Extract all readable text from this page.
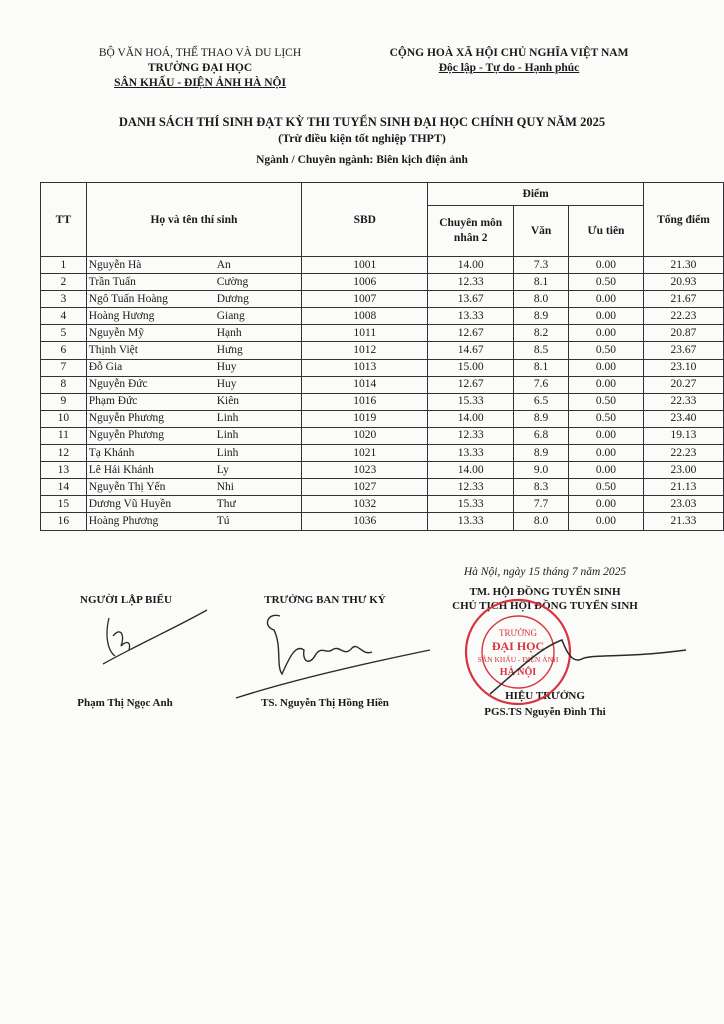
BỘ VĂN HOÁ, THỂ THAO VÀ DU LỊCH
TRƯỜNG ĐẠI HỌC
SÂN KHẤU - ĐIỆN ẢNH HÀ NỘI
CỘNG HOÀ XÃ HỘI CHỦ NGHĨA VIỆT NAM
Độc lập - Tự do - Hạnh phúc
DANH SÁCH THÍ SINH ĐẠT KỲ THI TUYỂN SINH ĐẠI HỌC CHÍNH QUY NĂM 2025
(Trừ điều kiện tốt nghiệp THPT)
Ngành / Chuyên ngành: Biên kịch điện ảnh
TT	Họ và tên thí sinh	SBD	Điểm			Tổng điểm
			Chuyên môn nhân 2	Văn	Ưu tiên	
1	Nguyễn Hà An	1001	14.00	7.3	0.00	21.30
2	Trần Tuấn Cường	1006	12.33	8.1	0.50	20.93
3	Ngô Tuấn Hoàng Dương	1007	13.67	8.0	0.00	21.67
4	Hoàng Hương Giang	1008	13.33	8.9	0.00	22.23
5	Nguyễn Mỹ Hạnh	1011	12.67	8.2	0.00	20.87
6	Thịnh Việt Hưng	1012	14.67	8.5	0.50	23.67
7	Đỗ Gia Huy	1013	15.00	8.1	0.00	23.10
8	Nguyễn Đức Huy	1014	12.67	7.6	0.00	20.27
9	Phạm Đức Kiên	1016	15.33	6.5	0.50	22.33
10	Nguyễn Phương Linh	1019	14.00	8.9	0.50	23.40
11	Nguyễn Phương Linh	1020	12.33	6.8	0.00	19.13
12	Tạ Khánh Linh	1021	13.33	8.9	0.00	22.23
13	Lê Hải Khánh Ly	1023	14.00	9.0	0.00	23.00
14	Nguyễn Thị Yến Nhi	1027	12.33	8.3	0.50	21.13
15	Dương Vũ Huyền Thư	1032	15.33	7.7	0.00	23.03
16	Hoàng Phương Tú	1036	13.33	8.0	0.00	21.33
Hà Nội, ngày 15 tháng 7 năm 2025
NGƯỜI LẬP BIỂU
Phạm Thị Ngọc Anh
TRƯỞNG BAN THƯ KÝ
TS. Nguyễn Thị Hồng Hiền
TM. HỘI ĐỒNG TUYỂN SINH
CHỦ TỊCH HỘI ĐỒNG TUYỂN SINH
HIỆU TRƯỞNG
PGS.TS Nguyễn Đình Thi
TRƯỜNG
ĐẠI HỌC
SÂN KHẤU - ĐIỆN ẢNH
HÀ NỘI
